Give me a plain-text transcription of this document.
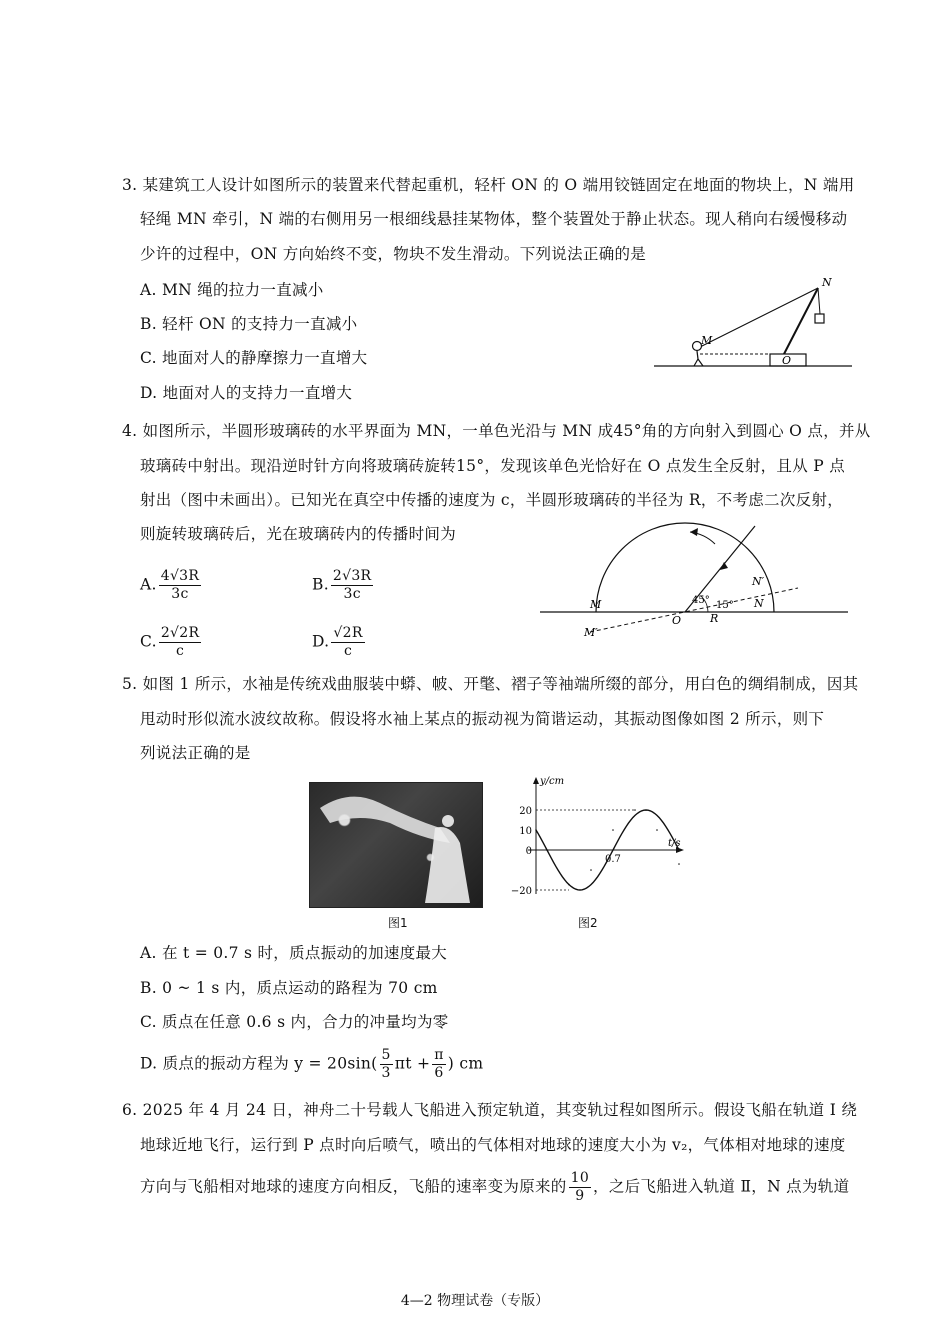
3. 某建筑工人设计如图所示的装置来代替起重机，轻杆 ON 的 O 端用铰链固定在地面的物块上，N 端用
轻绳 MN 牵引，N 端的右侧用另一根细线悬挂某物体，整个装置处于静止状态。现人稍向右缓慢移动
少许的过程中，ON 方向始终不变，物块不发生滑动。下列说法正确的是
A. MN 绳的拉力一直减小
B. 轻杆 ON 的支持力一直减小
C. 地面对人的静摩擦力一直增大
D. 地面对人的支持力一直增大
N
M
O
4. 如图所示，半圆形玻璃砖的水平界面为 MN，一单色光沿与 MN 成45°角的方向射入到圆心 O 点，并从
玻璃砖中射出。现沿逆时针方向将玻璃砖旋转15°，发现该单色光恰好在 O 点发生全反射，且从 P 点
射出（图中未画出）。已知光在真空中传播的速度为 c，半圆形玻璃砖的半径为 R，不考虑二次反射，
则旋转玻璃砖后，光在玻璃砖内的传播时间为
A. $\frac{4√3R}{3c}$	B. $\frac{2√3R}{3c}$
C. $\frac{2√2R}{c}$	D. $\frac{√2R}{c}$
M
M′
O	R
N
N′
45° 15°
5. 如图 1 所示，水袖是传统戏曲服装中蟒、帔、开氅、褶子等袖端所缀的部分，用白色的绸绢制成，因其
甩动时形似流水波纹故称。假设将水袖上某点的振动视为简谐运动，其振动图像如图 2 所示，则下
列说法正确的是
图1
y/cm
t/s
20
10
0
−20
0.7
图2
A. 在 t = 0.7 s 时，质点振动的加速度最大
B. 0 ~ 1 s 内，质点运动的路程为 70 cm
C. 质点在任意 0.6 s 内，合力的冲量均为零
D. 质点的振动方程为 $y = 20\sin( \frac{5}{3}$ $\pi t + \frac{\pi}{6}$ ) cm
6. 2025 年 4 月 24 日，神舟二十号载人飞船进入预定轨道，其变轨过程如图所示。假设飞船在轨道 Ⅰ 绕
地球近地飞行，运行到 P 点时向后喷气，喷出的气体相对地球的速度大小为 v₂，气体相对地球的速度
方向与飞船相对地球的速度方向相反，飞船的速率变为原来的 $\frac{10}{9}$ ，之后飞船进入轨道 Ⅱ，N 点为轨道
4—2 物理试卷（专版）
